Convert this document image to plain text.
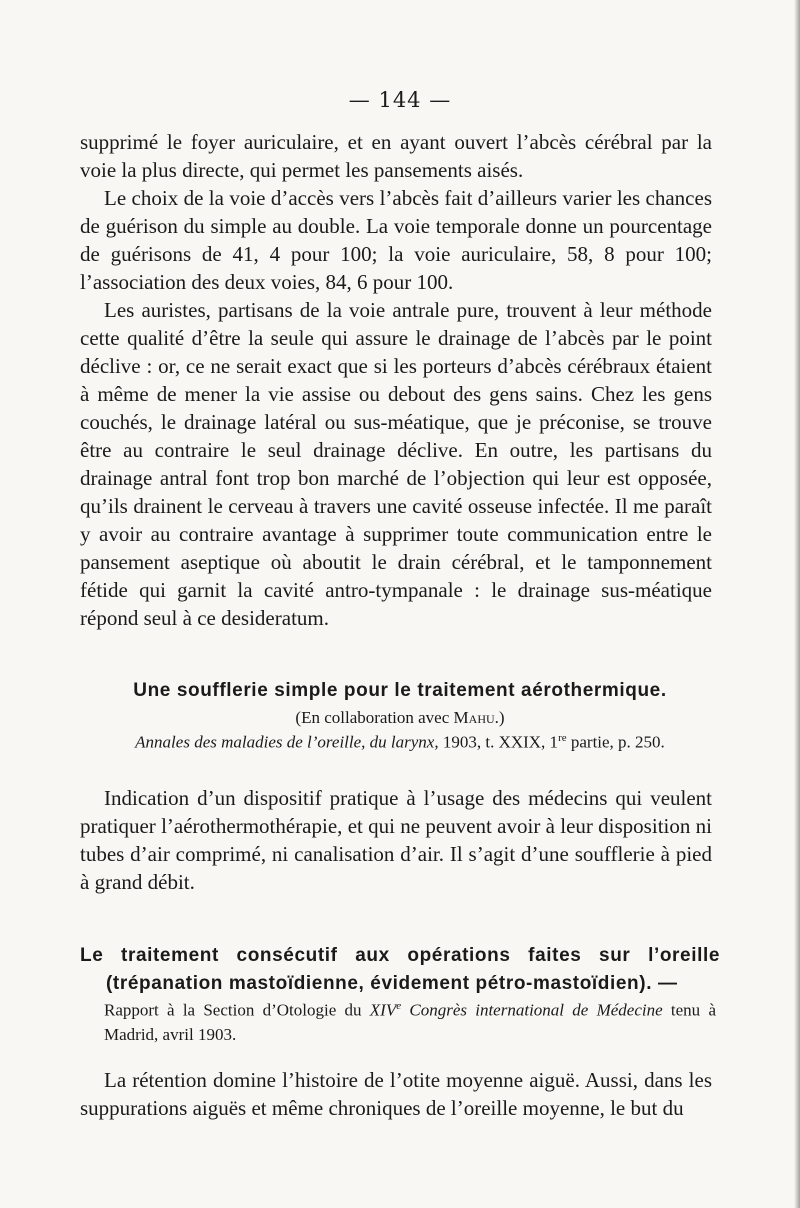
— 144 —

supprimé le foyer auriculaire, et en ayant ouvert l’abcès cérébral par la voie la plus directe, qui permet les pansements aisés.

Le choix de la voie d’accès vers l’abcès fait d’ailleurs varier les chances de guérison du simple au double. La voie temporale donne un pourcentage de guérisons de 41, 4 pour 100; la voie auriculaire, 58, 8 pour 100; l’association des deux voies, 84, 6 pour 100.

Les auristes, partisans de la voie antrale pure, trouvent à leur méthode cette qualité d’être la seule qui assure le drainage de l’abcès par le point déclive : or, ce ne serait exact que si les porteurs d’abcès cérébraux étaient à même de mener la vie assise ou debout des gens sains. Chez les gens couchés, le drainage latéral ou sus-méatique, que je préconise, se trouve être au contraire le seul drainage déclive. En outre, les partisans du drainage antral font trop bon marché de l’objection qui leur est opposée, qu’ils drainent le cerveau à travers une cavité osseuse infectée. Il me paraît y avoir au contraire avantage à supprimer toute communication entre le pansement aseptique où aboutit le drain cérébral, et le tamponnement fétide qui garnit la cavité antro-tympanale : le drainage sus-méatique répond seul à ce desideratum.

Une soufflerie simple pour le traitement aérothermique.
(En collaboration avec Mahu.)
Annales des maladies de l’oreille, du larynx, 1903, t. XXIX, 1re partie, p. 250.

Indication d’un dispositif pratique à l’usage des médecins qui veulent pratiquer l’aérothermothérapie, et qui ne peuvent avoir à leur disposition ni tubes d’air comprimé, ni canalisation d’air. Il s’agit d’une soufflerie à pied à grand débit.

Le traitement consécutif aux opérations faites sur l’oreille
(trépanation mastoïdienne, évidement pétro-mastoïdien). —
Rapport à la Section d’Otologie du XIVe Congrès international de Médecine tenu à Madrid, avril 1903.

La rétention domine l’histoire de l’otite moyenne aiguë. Aussi, dans les suppurations aiguës et même chroniques de l’oreille moyenne, le but du
